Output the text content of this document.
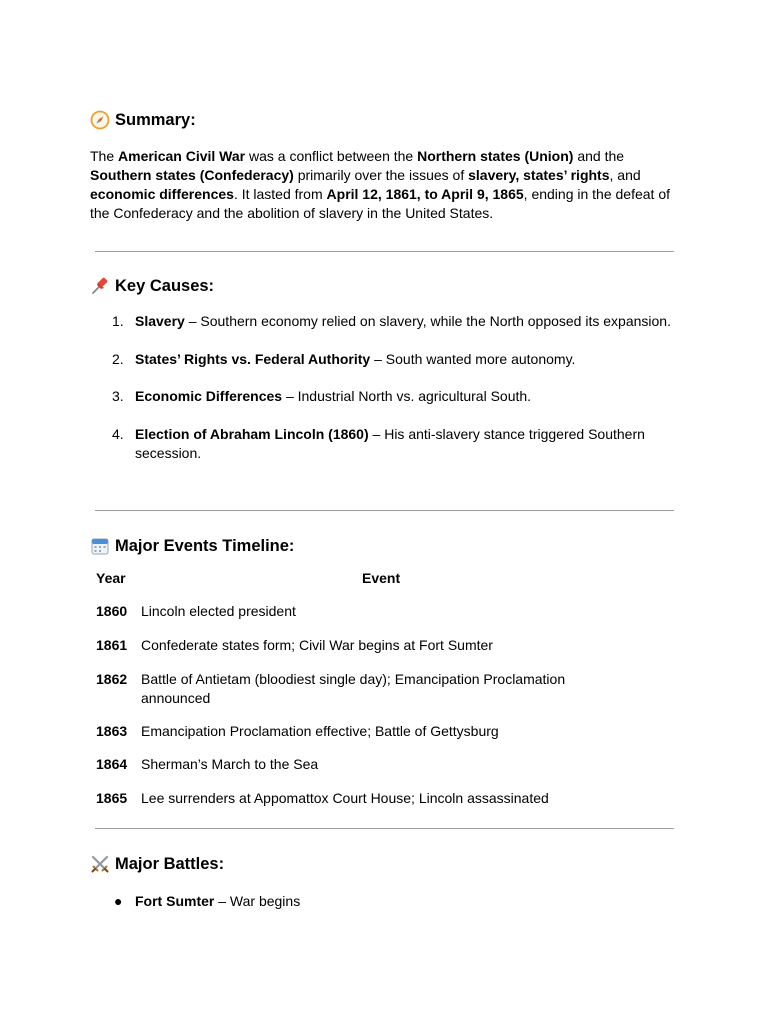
Summary:
The American Civil War was a conflict between the Northern states (Union) and the Southern states (Confederacy) primarily over the issues of slavery, states’ rights, and economic differences. It lasted from April 12, 1861, to April 9, 1865, ending in the defeat of the Confederacy and the abolition of slavery in the United States.
Key Causes:
1. Slavery – Southern economy relied on slavery, while the North opposed its expansion.
2. States’ Rights vs. Federal Authority – South wanted more autonomy.
3. Economic Differences – Industrial North vs. agricultural South.
4. Election of Abraham Lincoln (1860) – His anti-slavery stance triggered Southern secession.
Major Events Timeline:
Year	Event
1860 Lincoln elected president
1861 Confederate states form; Civil War begins at Fort Sumter
1862 Battle of Antietam (bloodiest single day); Emancipation Proclamation announced
1863 Emancipation Proclamation effective; Battle of Gettysburg
1864 Sherman’s March to the Sea
1865 Lee surrenders at Appomattox Court House; Lincoln assassinated
Major Battles:
● Fort Sumter – War begins
